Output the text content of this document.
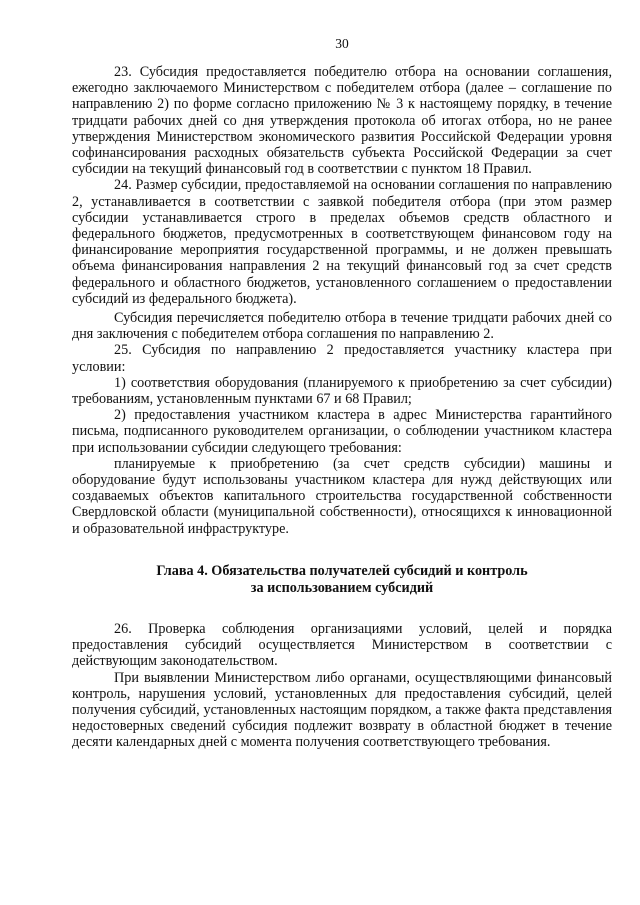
30

23. Субсидия предоставляется победителю отбора на основании соглашения, ежегодно заключаемого Министерством с победителем отбора (далее – соглашение по направлению 2) по форме согласно приложению № 3 к настоящему порядку, в течение тридцати рабочих дней со дня утверждения протокола об итогах отбора, но не ранее утверждения Министерством экономического развития Российской Федерации уровня софинансирования расходных обязательств субъекта Российской Федерации за счет субсидии на текущий финансовый год в соответствии с пунктом 18 Правил.

24. Размер субсидии, предоставляемой на основании соглашения по направлению 2, устанавливается в соответствии с заявкой победителя отбора (при этом размер субсидии устанавливается строго в пределах объемов средств областного и федерального бюджетов, предусмотренных в соответствующем финансовом году на финансирование мероприятия государственной программы, и не должен превышать объема финансирования направления 2 на текущий финансовый год за счет средств федерального и областного бюджетов, установленного соглашением о предоставлении субсидий из федерального бюджета).

Субсидия перечисляется победителю отбора в течение тридцати рабочих дней со дня заключения с победителем отбора соглашения по направлению 2.

25. Субсидия по направлению 2 предоставляется участнику кластера при условии:

1) соответствия оборудования (планируемого к приобретению за счет субсидии) требованиям, установленным пунктами 67 и 68 Правил;

2) предоставления участником кластера в адрес Министерства гарантийного письма, подписанного руководителем организации, о соблюдении участником кластера при использовании субсидии следующего требования:

планируемые к приобретению (за счет средств субсидии) машины и оборудование будут использованы участником кластера для нужд действующих или создаваемых объектов капитального строительства государственной собственности Свердловской области (муниципальной собственности), относящихся к инновационной и образовательной инфраструктуре.

Глава 4. Обязательства получателей субсидий и контроль
за использованием субсидий

26. Проверка соблюдения организациями условий, целей и порядка предоставления субсидий осуществляется Министерством в соответствии с действующим законодательством.

При выявлении Министерством либо органами, осуществляющими финансовый контроль, нарушения условий, установленных для предоставления субсидий, целей получения субсидий, установленных настоящим порядком, а также факта представления недостоверных сведений субсидия подлежит возврату в областной бюджет в течение десяти календарных дней с момента получения соответствующего требования.
